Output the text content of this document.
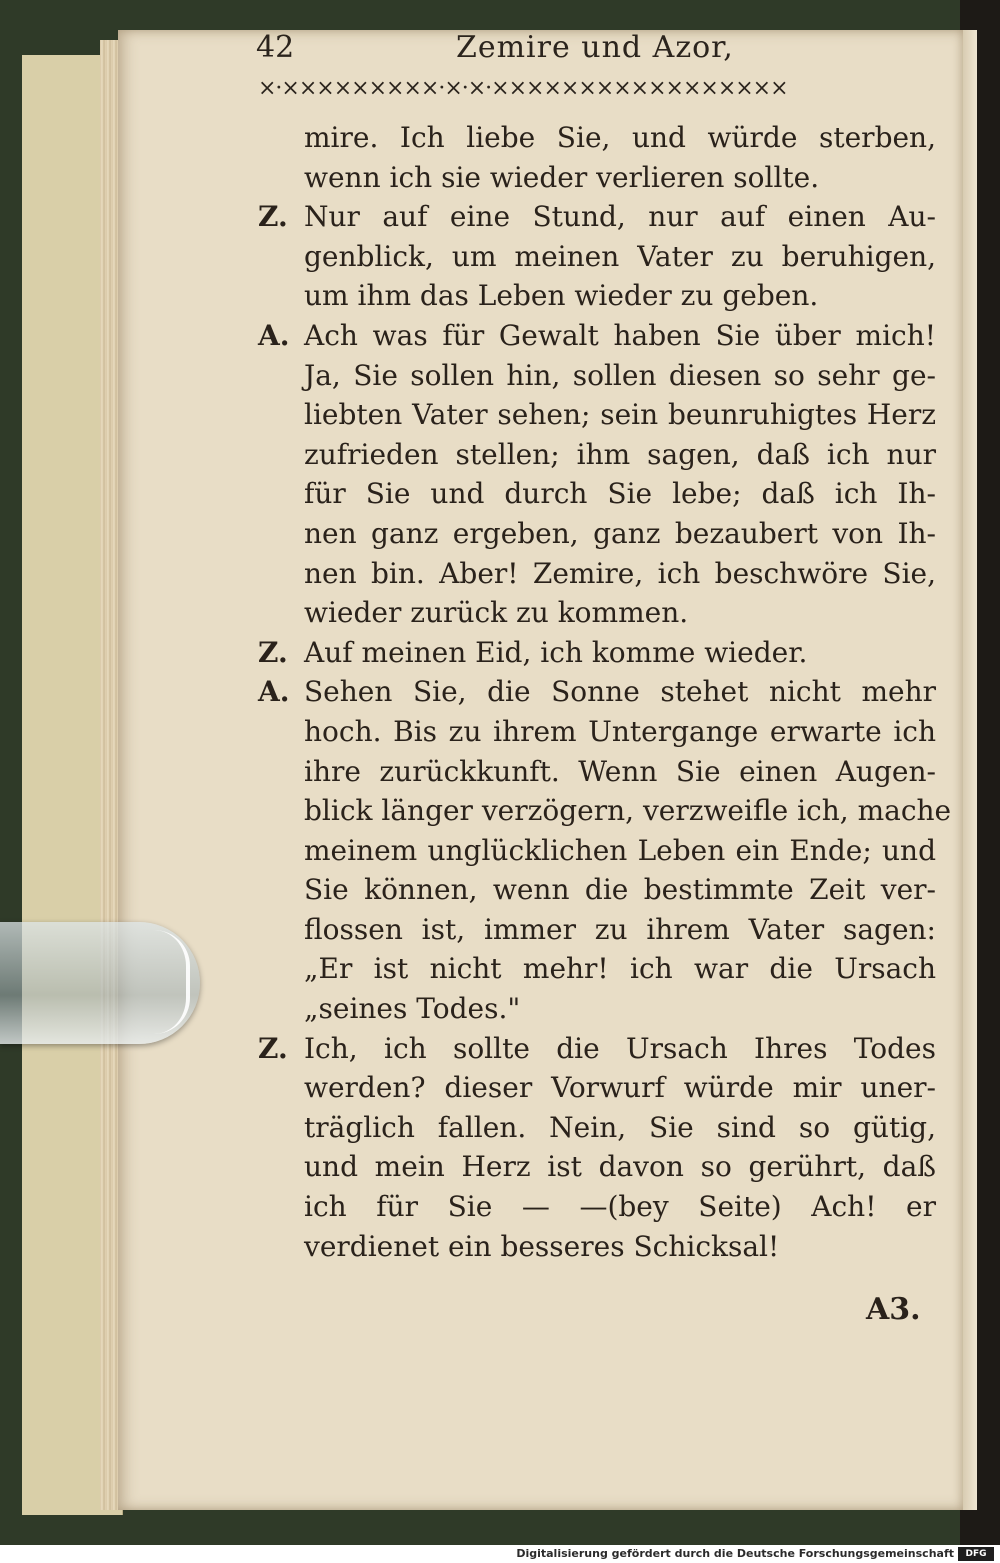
42	Zemire und Azor,
×·×××××××××·×·×·×××××××××××××××××
mire. Ich liebe Sie, und würde sterben,
wenn ich sie wieder verlieren sollte.
Z. Nur auf eine Stund, nur auf einen Au-
genblick, um meinen Vater zu beruhigen,
um ihm das Leben wieder zu geben.
A. Ach was für Gewalt haben Sie über mich!
Ja, Sie sollen hin, sollen diesen so sehr ge-
liebten Vater sehen; sein beunruhigtes Herz
zufrieden stellen; ihm sagen, daß ich nur
für Sie und durch Sie lebe; daß ich Ih-
nen ganz ergeben, ganz bezaubert von Ih-
nen bin. Aber! Zemire, ich beschwöre Sie,
wieder zurück zu kommen.
Z. Auf meinen Eid, ich komme wieder.
A. Sehen Sie, die Sonne stehet nicht mehr
hoch. Bis zu ihrem Untergange erwarte ich
ihre zurückkunft. Wenn Sie einen Augen-
blick länger verzögern, verzweifle ich, mache
meinem unglücklichen Leben ein Ende; und
Sie können, wenn die bestimmte Zeit ver-
flossen ist, immer zu ihrem Vater sagen:
„Er ist nicht mehr! ich war die Ursach
„seines Todes."
Z. Ich, ich sollte die Ursach Ihres Todes
werden? dieser Vorwurf würde mir uner-
träglich fallen. Nein, Sie sind so gütig,
und mein Herz ist davon so gerührt, daß
ich für Sie — —(bey Seite) Ach! er
verdienet ein besseres Schicksal!
A3.
Digitalisierung gefördert durch die Deutsche Forschungsgemeinschaft	DFG
